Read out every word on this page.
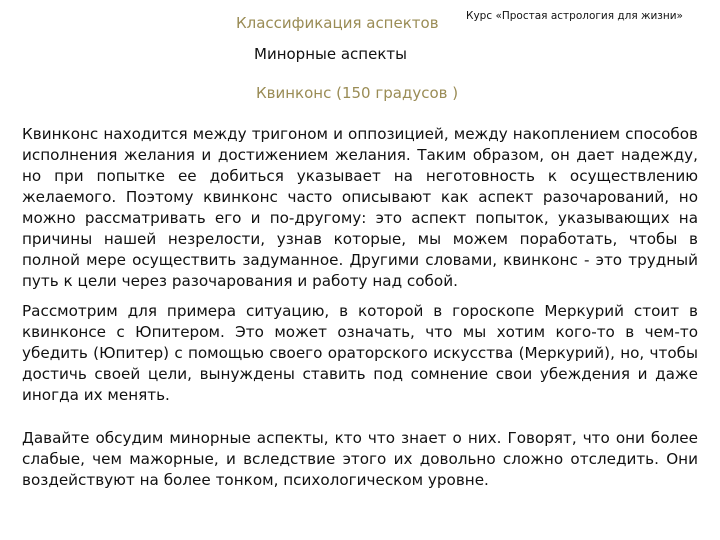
Классификация аспектов	Курс «Простая астрология для жизни»
Минорные аспекты
Квинконс (150 градусов )

Квинконс находится между тригоном и оппозицией, между накоплением способов исполнения желания и достижением желания. Таким образом, он дает надежду, но при попытке ее добиться указывает на неготовность к осуществлению желаемого. Поэтому квинконс часто описывают как аспект разочарований, но можно рассматривать его и по-другому: это аспект попыток, указывающих на причины нашей незрелости, узнав которые, мы можем поработать, чтобы в полной мере осуществить задуманное. Другими словами, квинконс - это трудный путь к цели через разочарования и работу над собой.

Рассмотрим для примера ситуацию, в которой в гороскопе Меркурий стоит в квинконсе с Юпитером. Это может означать, что мы хотим кого-то в чем-то убедить (Юпитер) с помощью своего ораторского искусства (Меркурий), но, чтобы достичь своей цели, вынуждены ставить под сомнение свои убеждения и даже иногда их менять.

Давайте обсудим минорные аспекты, кто что знает о них. Говорят, что они более слабые, чем мажорные, и вследствие этого их довольно сложно отследить. Они воздействуют на более тонком, психологическом уровне.
